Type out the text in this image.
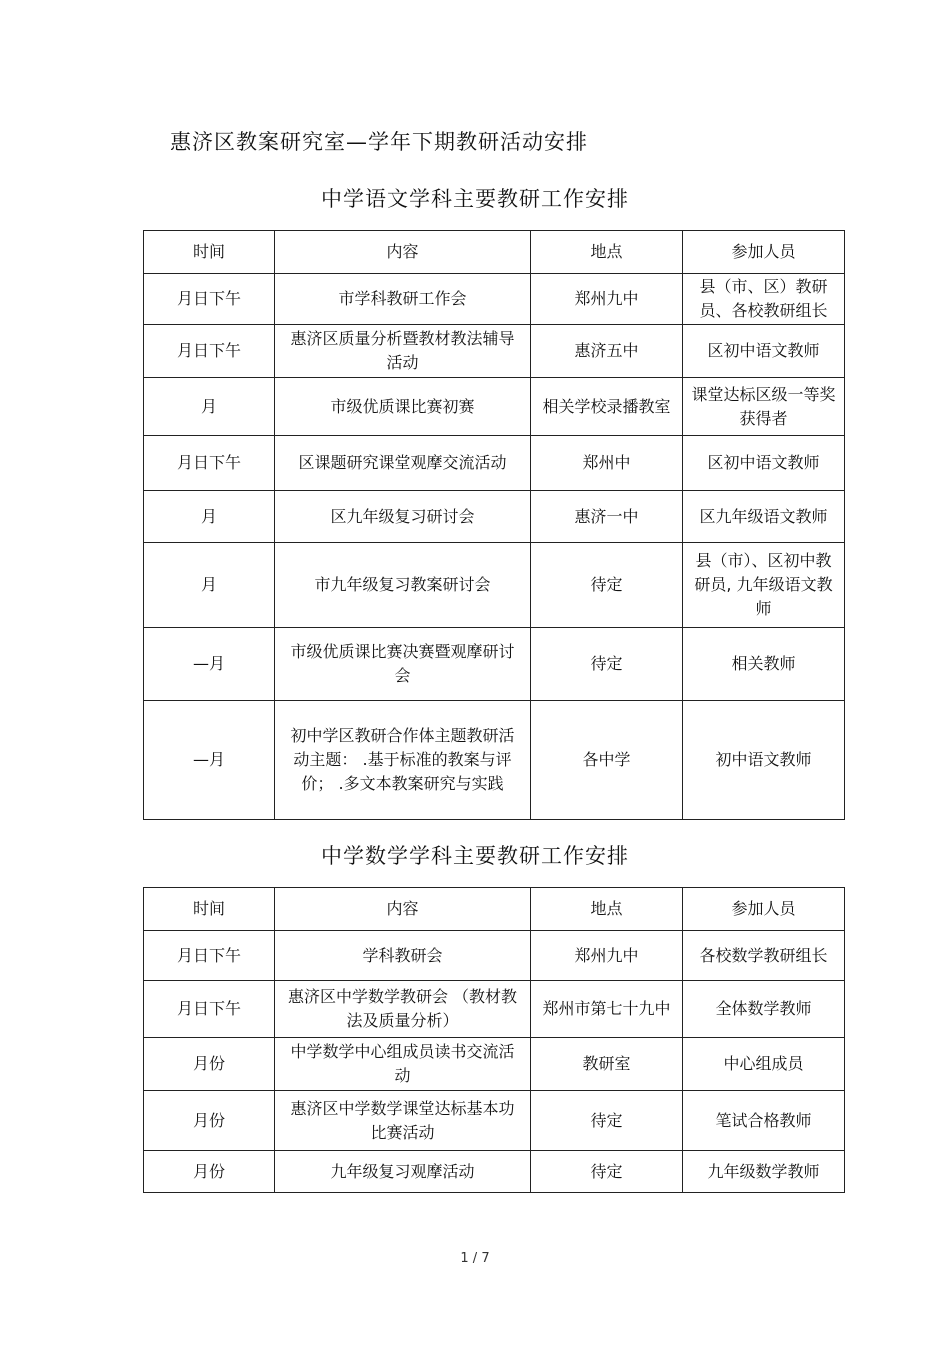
惠济区教案研究室—学年下期教研活动安排
中学语文学科主要教研工作安排
时间	内容	地点	参加人员
月日下午	市学科教研工作会	郑州九中	县（市、区）教研员、各校教研组长
月日下午	惠济区质量分析暨教材教法辅导活动	惠济五中	区初中语文教师
月	市级优质课比赛初赛	相关学校录播教室	课堂达标区级一等奖获得者
月日下午	区课题研究课堂观摩交流活动	郑州中	区初中语文教师
月	区九年级复习研讨会	惠济一中	区九年级语文教师
月	市九年级复习教案研讨会	待定	县（市）、区初中教研员, 九年级语文教师
—月	市级优质课比赛决赛暨观摩研讨会	待定	相关教师
—月	初中学区教研合作体主题教研活动主题： .基于标准的教案与评价； .多文本教案研究与实践	各中学	初中语文教师
中学数学学科主要教研工作安排
时间	内容	地点	参加人员
月日下午	学科教研会	郑州九中	各校数学教研组长
月日下午	惠济区中学数学教研会 （教材教法及质量分析）	郑州市第七十九中	全体数学教师
月份	中学数学中心组成员读书交流活动	教研室	中心组成员
月份	惠济区中学数学课堂达标基本功比赛活动	待定	笔试合格教师
月份	九年级复习观摩活动	待定	九年级数学教师
1 / 7
